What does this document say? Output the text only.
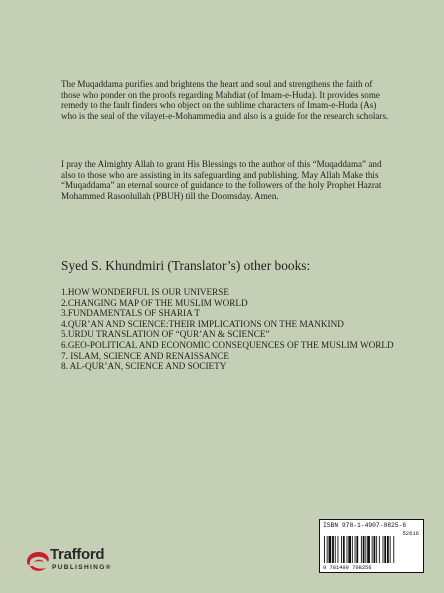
The Muqaddama purifies and brightens the heart and soul and strengthens the faith of those who ponder on the proofs regarding Mahdiat (of Imam-e-Huda). It provides some remedy to the fault finders who object on the sublime characters of Imam-e-Huda (As) who is the seal of the vilayet-e-Mohammedia and also is a guide for the research scholars.

I pray the Almighty Allah to grant His Blessings to the author of this “Muqaddama” and also to those who are assisting in its safeguarding and publishing. May Allah Make this “Muqaddama” an eternal source of guidance to the followers of the holy Prophet Hazrat Mohammed Rasoolullah (PBUH) till the Doomsday. Amen.

Syed S. Khundmiri (Translator’s) other books:

1.HOW WONDERFUL IS OUR UNIVERSE
2.CHANGING MAP OF THE MUSLIM WORLD
3.FUNDAMENTALS OF SHARIA T
4.QUR’AN AND SCIENCE:THEIR IMPLICATIONS ON THE MANKIND
5.URDU TRANSLATION OF “QUR’AN & SCIENCE”
6.GEO-POLITICAL AND ECONOMIC CONSEQUENCES OF THE MUSLIM WORLD
7. ISLAM, SCIENCE AND RENAISSANCE
8. AL-QUR’AN, SCIENCE AND SOCIETY
Trafford
PUBLISHING®
ISBN 978-1-4907-0825-6
52616
9 781490 708256
